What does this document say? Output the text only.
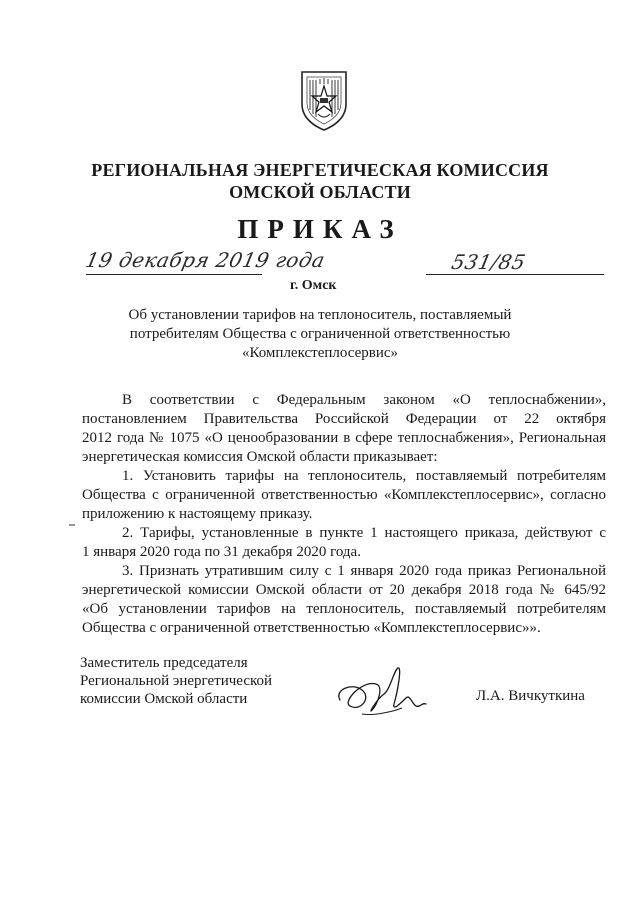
РЕГИОНАЛЬНАЯ ЭНЕРГЕТИЧЕСКАЯ КОМИССИЯ
ОМСКОЙ ОБЛАСТИ
ПРИКАЗ
19 декабря 2019 года	531/85
г. Омск
Об установлении тарифов на теплоноситель, поставляемый
потребителям Общества с ограниченной ответственностью
«Комплекстеплосервис»
В соответствии с Федеральным законом «О теплоснабжении»,
постановлением Правительства Российской Федерации от 22 октября
2012 года № 1075 «О ценообразовании в сфере теплоснабжения», Региональная
энергетическая комиссия Омской области приказывает:
1. Установить тарифы на теплоноситель, поставляемый потребителям
Общества с ограниченной ответственностью «Комплекстеплосервис», согласно
приложению к настоящему приказу.
2. Тарифы, установленные в пункте 1 настоящего приказа, действуют с
1 января 2020 года по 31 декабря 2020 года.
3. Признать утратившим силу с 1 января 2020 года приказ Региональной
энергетической комиссии Омской области от 20 декабря 2018 года № 645/92
«Об установлении тарифов на теплоноситель, поставляемый потребителям
Общества с ограниченной ответственностью «Комплекстеплосервис»».
Заместитель председателя
Региональной энергетической
комиссии Омской области	Л.А. Вичкуткина
